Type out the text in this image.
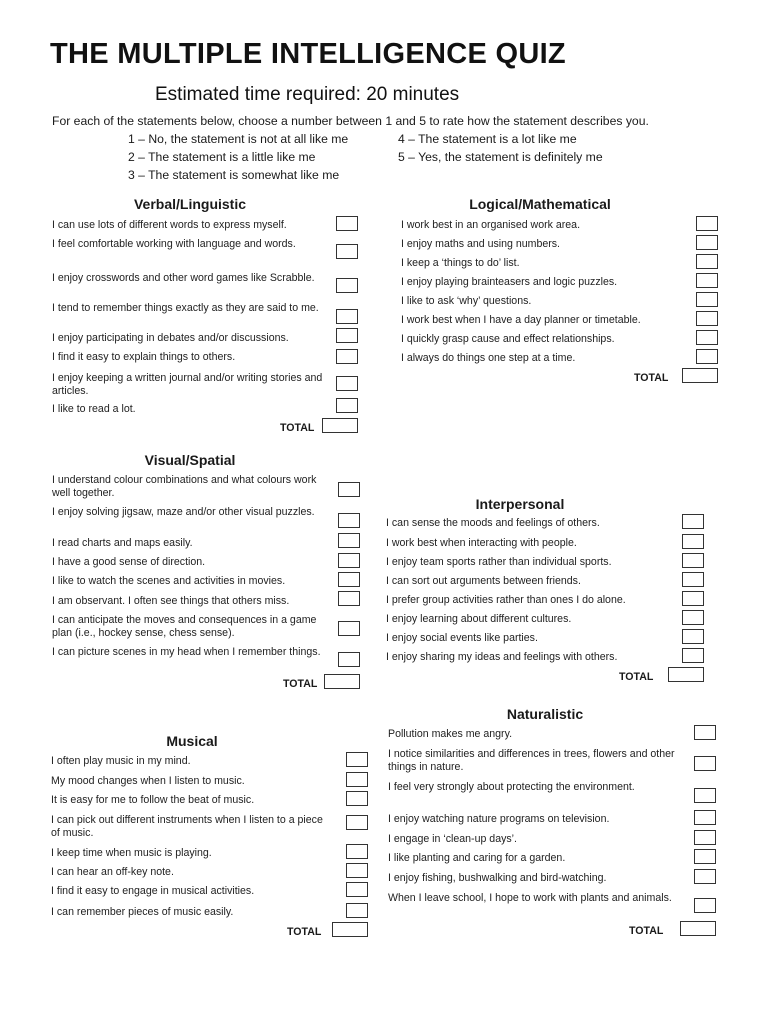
THE MULTIPLE INTELLIGENCE QUIZ
Estimated time required: 20 minutes
For each of the statements below, choose a number between 1 and 5 to rate how the statement describes you.
1 – No, the statement is not at all like me
2 – The statement is a little like me
3 – The statement is somewhat like me
4 – The statement is a lot like me
5 – Yes, the statement is definitely me
Verbal/Linguistic
I can use lots of different words to express myself.
I feel comfortable working with language and words.
I enjoy crosswords and other word games like Scrabble.
I tend to remember things exactly as they are said to me.
I enjoy participating in debates and/or discussions.
I find it easy to explain things to others.
I enjoy keeping a written journal and/or writing stories and articles.
I like to read a lot.
TOTAL
Logical/Mathematical
I work best in an organised work area.
I enjoy maths and using numbers.
I keep a ‘things to do’ list.
I enjoy playing brainteasers and logic puzzles.
I like to ask ‘why’ questions.
I work best when I have a day planner or timetable.
I quickly grasp cause and effect relationships.
I always do things one step at a time.
TOTAL
Visual/Spatial
I understand colour combinations and what colours work well together.
I enjoy solving jigsaw, maze and/or other visual puzzles.
I read charts and maps easily.
I have a good sense of direction.
I like to watch the scenes and activities in movies.
I am observant. I often see things that others miss.
I can anticipate the moves and consequences in a game plan (i.e., hockey sense, chess sense).
I can picture scenes in my head when I remember things.
TOTAL
Interpersonal
I can sense the moods and feelings of others.
I work best when interacting with people.
I enjoy team sports rather than individual sports.
I can sort out arguments between friends.
I prefer group activities rather than ones I do alone.
I enjoy learning about different cultures.
I enjoy social events like parties.
I enjoy sharing my ideas and feelings with others.
TOTAL
Musical
I often play music in my mind.
My mood changes when I listen to music.
It is easy for me to follow the beat of music.
I can pick out different instruments when I listen to a piece of music.
I keep time when music is playing.
I can hear an off-key note.
I find it easy to engage in musical activities.
I can remember pieces of music easily.
TOTAL
Naturalistic
Pollution makes me angry.
I notice similarities and differences in trees, flowers and other things in nature.
I feel very strongly about protecting the environment.
I enjoy watching nature programs on television.
I engage in ‘clean-up days’.
I like planting and caring for a garden.
I enjoy fishing, bushwalking and bird-watching.
When I leave school, I hope to work with plants and animals.
TOTAL
